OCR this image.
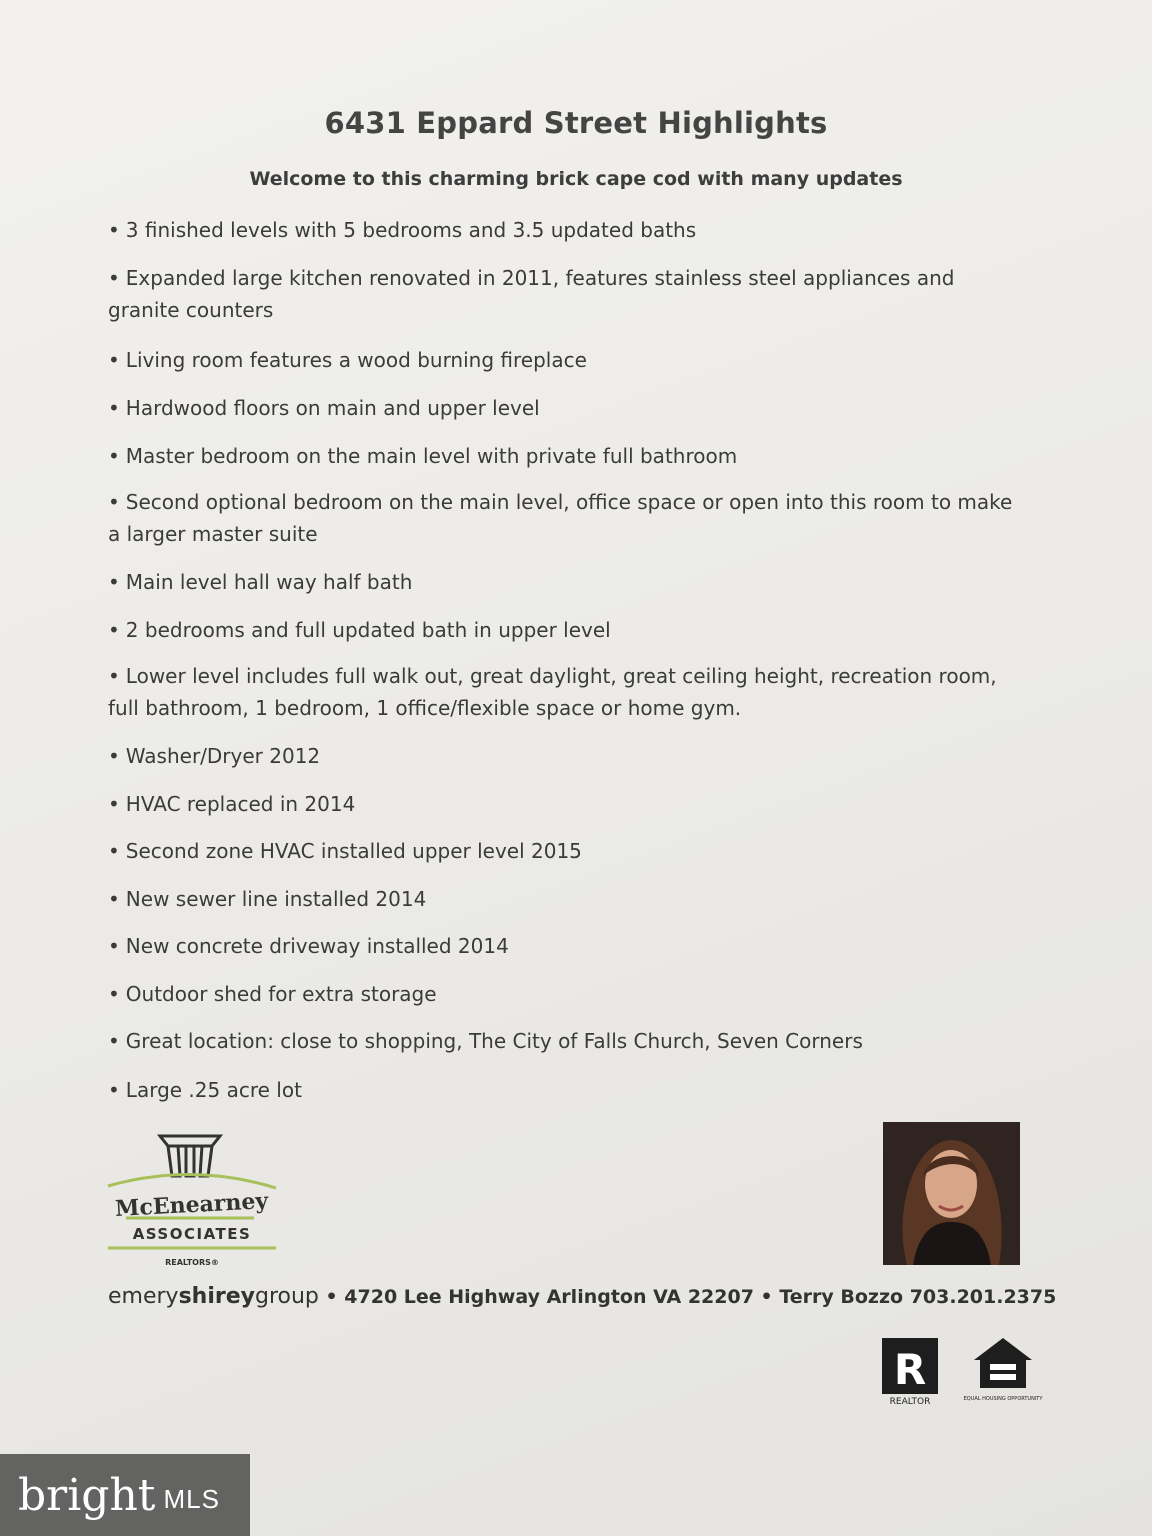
6431 Eppard Street Highlights
Welcome to this charming brick cape cod with many updates
• 3 finished levels with 5 bedrooms and 3.5 updated baths
• Expanded large kitchen renovated in 2011, features stainless steel appliances and granite counters
• Living room features a wood burning fireplace
• Hardwood floors on main and upper level
• Master bedroom on the main level with private full bathroom
• Second optional bedroom on the main level, office space or open into this room to make a larger master suite
• Main level hall way half bath
• 2 bedrooms and full updated bath in upper level
• Lower level includes full walk out, great daylight, great ceiling height, recreation room, full bathroom, 1 bedroom, 1 office/flexible space or home gym.
• Washer/Dryer 2012
• HVAC replaced in 2014
• Second zone HVAC installed upper level 2015
• New sewer line installed 2014
• New concrete driveway installed 2014
• Outdoor shed for extra storage
• Great location: close to shopping, The City of Falls Church, Seven Corners
• Large .25 acre lot
McEnearney
ASSOCIATES
REALTORS®
emeryshireygroup • 4720 Lee Highway Arlington VA 22207 • Terry Bozzo 703.201.2375
R
REALTOR	EQUAL HOUSING OPPORTUNITY
bright MLS
